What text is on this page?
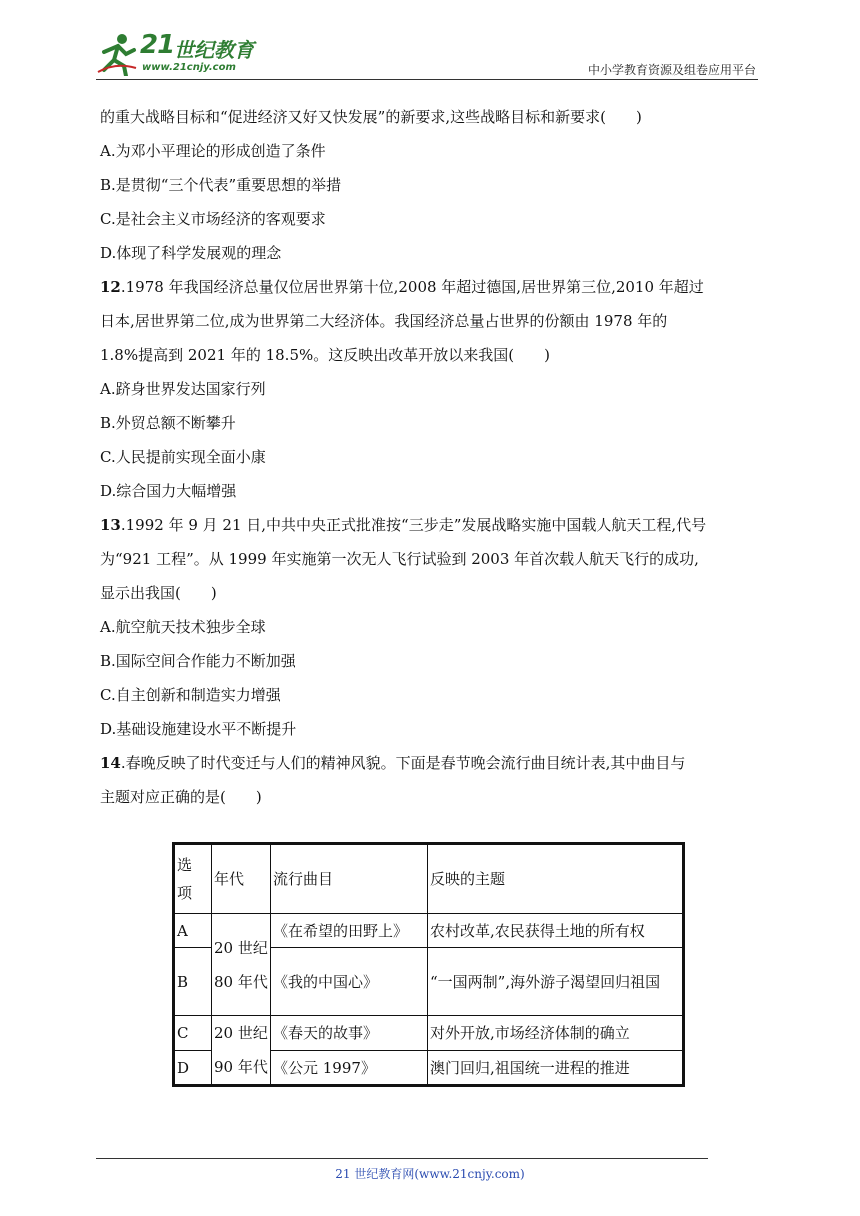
21 世纪教育
www.21cnjy.com	中小学教育资源及组卷应用平台
的重大战略目标和“促进经济又好又快发展”的新要求,这些战略目标和新要求(　　)
A.为邓小平理论的形成创造了条件
B.是贯彻“三个代表”重要思想的举措
C.是社会主义市场经济的客观要求
D.体现了科学发展观的理念
12.1978 年我国经济总量仅位居世界第十位,2008 年超过德国,居世界第三位,2010 年超过
日本,居世界第二位,成为世界第二大经济体。我国经济总量占世界的份额由 1978 年的
1.8%提高到 2021 年的 18.5%。这反映出改革开放以来我国(　　)
A.跻身世界发达国家行列
B.外贸总额不断攀升
C.人民提前实现全面小康
D.综合国力大幅增强
13.1992 年 9 月 21 日,中共中央正式批准按“三步走”发展战略实施中国载人航天工程,代号
为“921 工程”。从 1999 年实施第一次无人飞行试验到 2003 年首次载人航天飞行的成功,
显示出我国(　　)
A.航空航天技术独步全球
B.国际空间合作能力不断加强
C.自主创新和制造实力增强
D.基础设施建设水平不断提升
14.春晚反映了时代变迁与人们的精神风貌。下面是春节晚会流行曲目统计表,其中曲目与
主题对应正确的是(　　)
选项	年代	流行曲目	反映的主题
A	20 世纪 80 年代	《在希望的田野上》	农村改革,农民获得土地的所有权
B		《我的中国心》	“一国两制”,海外游子渴望回归祖国
C	20 世纪 90 年代	《春天的故事》	对外开放,市场经济体制的确立
D		《公元 1997》	澳门回归,祖国统一进程的推进
21 世纪教育网(www.21cnjy.com)
